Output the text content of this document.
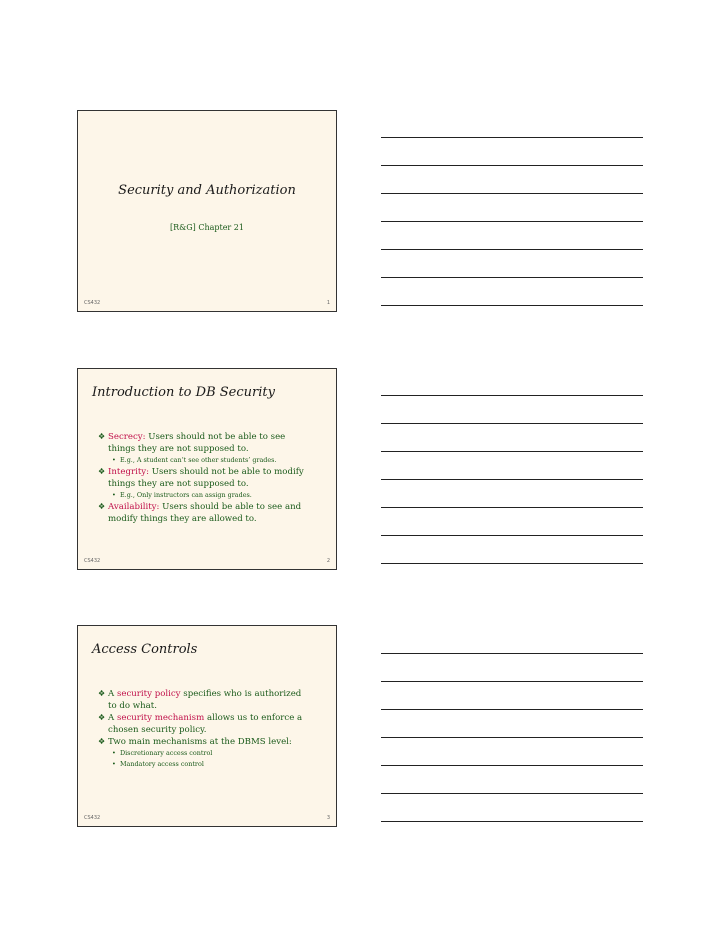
Security and Authorization
[R&G] Chapter 21
CS432	1
Introduction to DB Security
❖ Secrecy: Users should not be able to see
things they are not supposed to.
• E.g., A student can’t see other students’ grades.
❖ Integrity: Users should not be able to modify
things they are not supposed to.
• E.g., Only instructors can assign grades.
❖ Availability: Users should be able to see and
modify things they are allowed to.
CS432	2
Access Controls
❖ A security policy specifies who is authorized
to do what.
❖ A security mechanism allows us to enforce a
chosen security policy.
❖ Two main mechanisms at the DBMS level:
• Discretionary access control
• Mandatory access control
CS432	3
